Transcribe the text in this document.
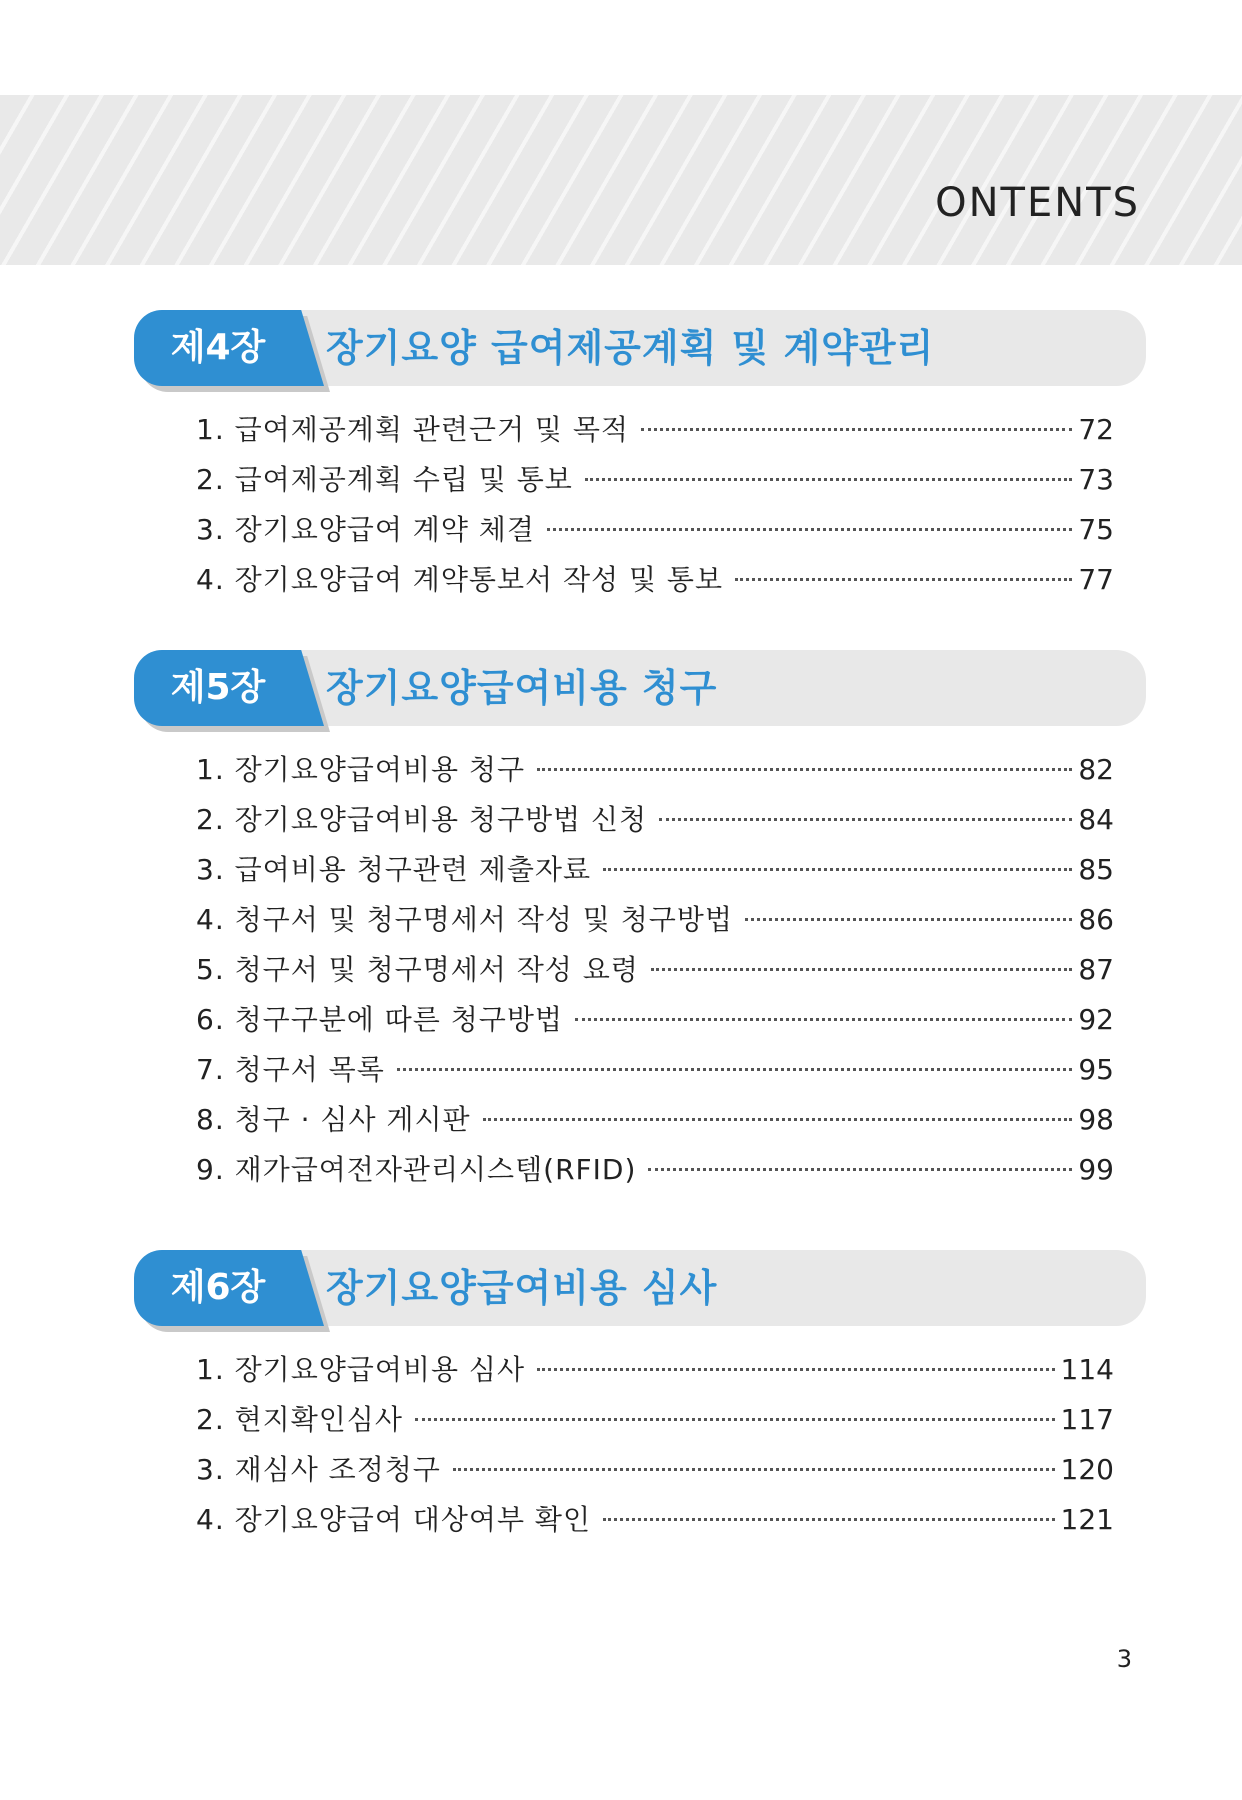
ONTENTS
제4장	장기요양 급여제공계획 및 계약관리
1. 급여제공계획 관련근거 및 목적	72
2. 급여제공계획 수립 및 통보	73
3. 장기요양급여 계약 체결	75
4. 장기요양급여 계약통보서 작성 및 통보	77
제5장	장기요양급여비용 청구
1. 장기요양급여비용 청구	82
2. 장기요양급여비용 청구방법 신청	84
3. 급여비용 청구관련 제출자료	85
4. 청구서 및 청구명세서 작성 및 청구방법	86
5. 청구서 및 청구명세서 작성 요령	87
6. 청구구분에 따른 청구방법	92
7. 청구서 목록	95
8. 청구 · 심사 게시판	98
9. 재가급여전자관리시스템(RFID)	99
제6장	장기요양급여비용 심사
1. 장기요양급여비용 심사	114
2. 현지확인심사	117
3. 재심사 조정청구	120
4. 장기요양급여 대상여부 확인	121
3
